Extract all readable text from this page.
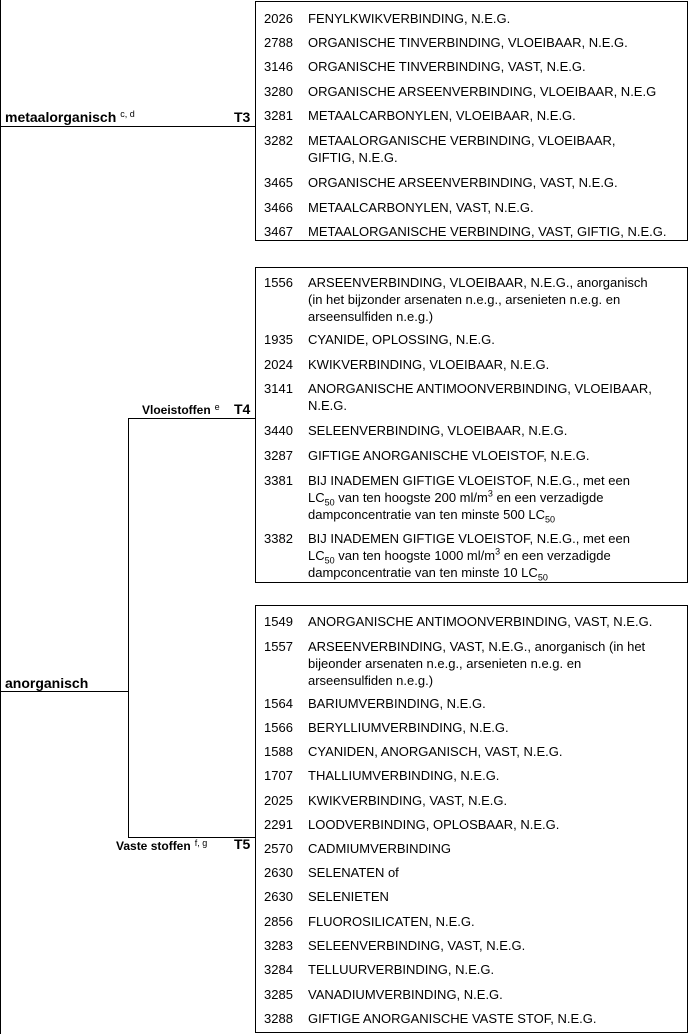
metaalorganisch $^{c, d}$	T3
anorganisch
Vloeistoffen $^e$ T4
Vaste stoffen $^{f, g}$ T5
2026	FENYLKWIKVERBINDING, N.E.G.
2788	ORGANISCHE TINVERBINDING, VLOEIBAAR, N.E.G.
3146	ORGANISCHE TINVERBINDING, VAST, N.E.G.
3280	ORGANISCHE ARSEENVERBINDING, VLOEIBAAR, N.E.G
3281	METAALCARBONYLEN, VLOEIBAAR, N.E.G.
3282	METAALORGANISCHE VERBINDING, VLOEIBAAR,
GIFTIG, N.E.G.
3465	ORGANISCHE ARSEENVERBINDING, VAST, N.E.G.
3466	METAALCARBONYLEN, VAST, N.E.G.
3467	METAALORGANISCHE VERBINDING, VAST, GIFTIG, N.E.G.
1556	ARSEENVERBINDING, VLOEIBAAR, N.E.G., anorganisch
(in het bijzonder arsenaten n.e.g., arsenieten n.e.g. en
arseensulfiden n.e.g.)
1935	CYANIDE, OPLOSSING, N.E.G.
2024	KWIKVERBINDING, VLOEIBAAR, N.E.G.
3141	ANORGANISCHE ANTIMOONVERBINDING, VLOEIBAAR,
N.E.G.
3440	SELEENVERBINDING, VLOEIBAAR, N.E.G.
3287	GIFTIGE ANORGANISCHE VLOEISTOF, N.E.G.
3381	BIJ INADEMEN GIFTIGE VLOEISTOF, N.E.G., met een
$LC_{50}$ van ten hoogste 200 $ml/m^3$ en een verzadigde
dampconcentratie van ten minste 500 $LC_{50}$
3382	BIJ INADEMEN GIFTIGE VLOEISTOF, N.E.G., met een
$LC_{50}$ van ten hoogste 1000 $ml/m^3$ en een verzadigde
dampconcentratie van ten minste 10 $LC_{50}$
1549	ANORGANISCHE ANTIMOONVERBINDING, VAST, N.E.G.
1557	ARSEENVERBINDING, VAST, N.E.G., anorganisch (in het
bijeonder arsenaten n.e.g., arsenieten n.e.g. en
arseensulfiden n.e.g.)
1564	BARIUMVERBINDING, N.E.G.
1566	BERYLLIUMVERBINDING, N.E.G.
1588	CYANIDEN, ANORGANISCH, VAST, N.E.G.
1707	THALLIUMVERBINDING, N.E.G.
2025	KWIKVERBINDING, VAST, N.E.G.
2291	LOODVERBINDING, OPLOSBAAR, N.E.G.
2570	CADMIUMVERBINDING
2630	SELENATEN of
2630	SELENIETEN
2856	FLUOROSILICATEN, N.E.G.
3283	SELEENVERBINDING, VAST, N.E.G.
3284	TELLUURVERBINDING, N.E.G.
3285	VANADIUMVERBINDING, N.E.G.
3288	GIFTIGE ANORGANISCHE VASTE STOF, N.E.G.
